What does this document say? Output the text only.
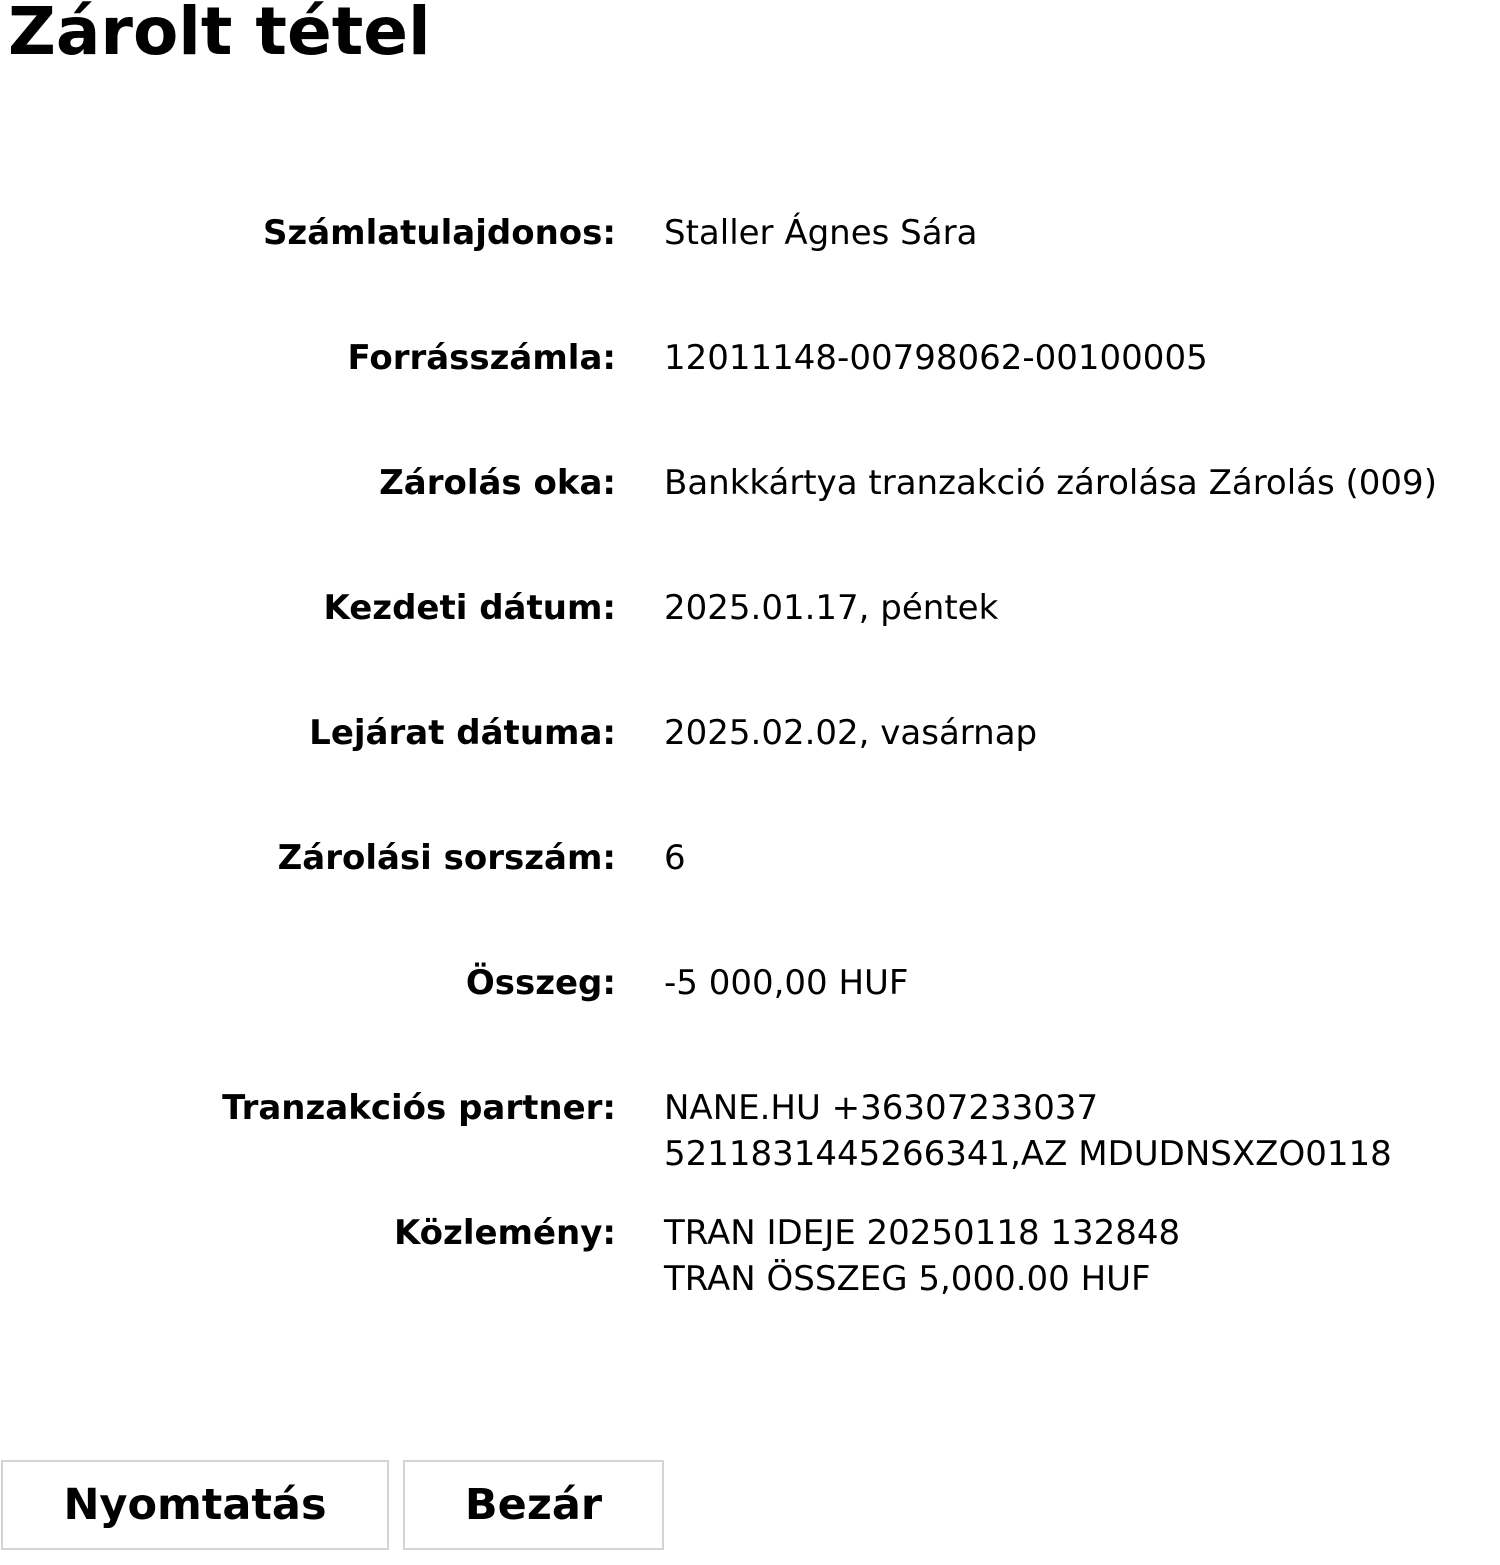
Zárolt tétel
Számlatulajdonos: Staller Ágnes Sára
Forrásszámla: 12011148-00798062-00100005
Zárolás oka: Bankkártya tranzakció zárolása Zárolás (009)
Kezdeti dátum: 2025.01.17, péntek
Lejárat dátuma: 2025.02.02, vasárnap
Zárolási sorszám: 6
Összeg: -5 000,00 HUF
Tranzakciós partner: NANE.HU +36307233037
5211831445266341,AZ MDUDNSXZO0118
Közlemény: TRAN IDEJE 20250118 132848
TRAN ÖSSZEG 5,000.00 HUF
Nyomtatás	Bezár
